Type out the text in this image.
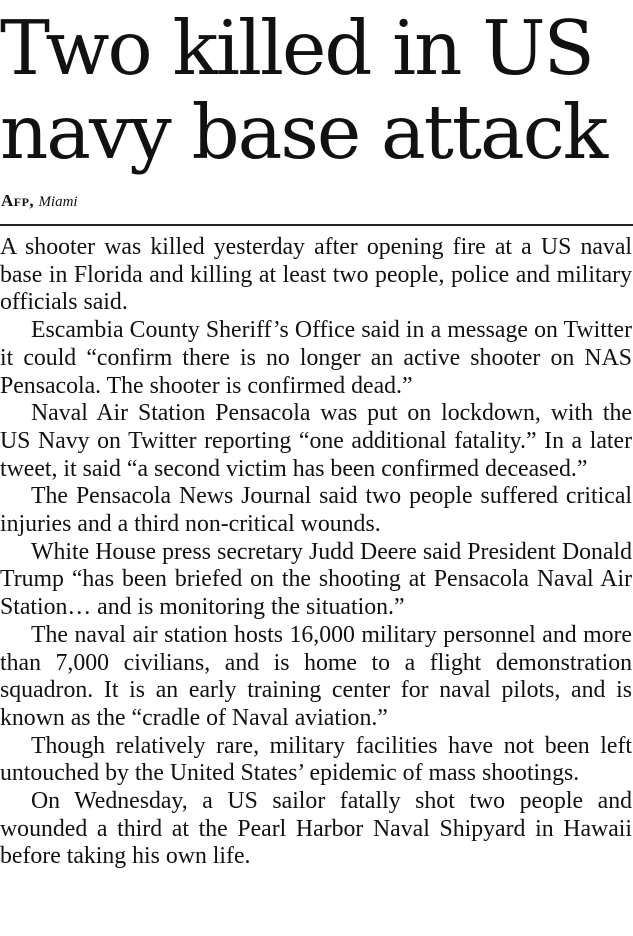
Two killed in US
navy base attack
Afp, Miami

A shooter was killed yesterday after opening fire at a US naval base in Florida and killing at least two people, police and military officials said.

Escambia County Sheriff’s Office said in a message on Twitter it could “confirm there is no longer an active shooter on NAS Pensacola. The shooter is confirmed dead.”

Naval Air Station Pensacola was put on lockdown, with the US Navy on Twitter reporting “one additional fatality.” In a later tweet, it said “a second victim has been confirmed deceased.”

The Pensacola News Journal said two people suffered critical injuries and a third non-critical wounds.

White House press secretary Judd Deere said President Donald Trump “has been briefed on the shooting at Pensacola Naval Air Station… and is monitoring the situation.”

The naval air station hosts 16,000 military personnel and more than 7,000 civilians, and is home to a flight demonstration squadron. It is an early training center for naval pilots, and is known as the “cradle of Naval aviation.”

Though relatively rare, military facilities have not been left untouched by the United States’ epidemic of mass shootings.

On Wednesday, a US sailor fatally shot two people and wounded a third at the Pearl Harbor Naval Shipyard in Hawaii before taking his own life.
